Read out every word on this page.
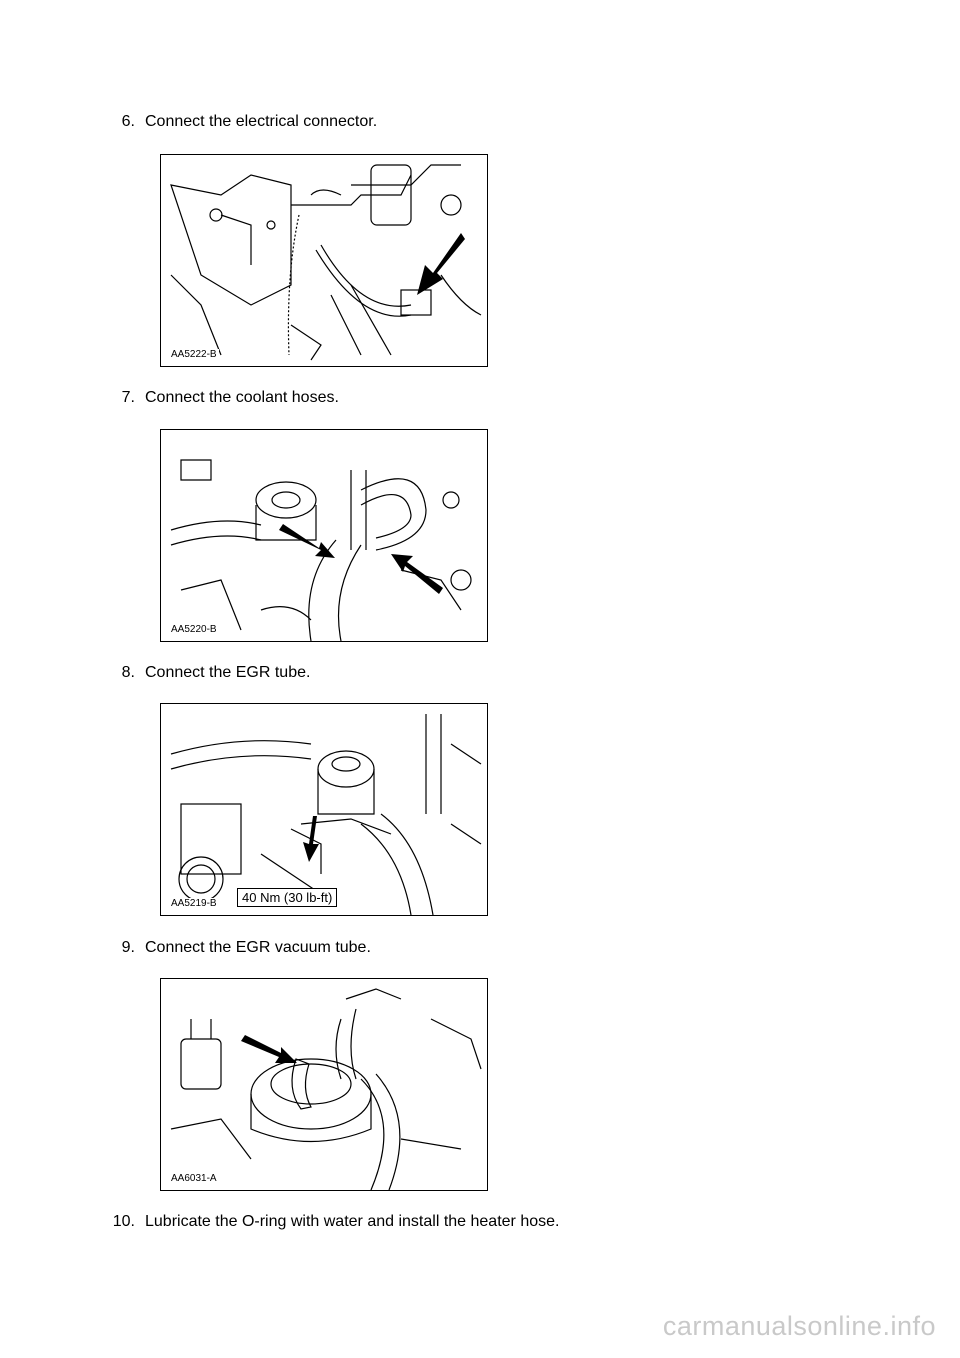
6. Connect the electrical connector.
AA5222-B
7. Connect the coolant hoses.
AA5220-B
8. Connect the EGR tube.
AA5219-B	40 Nm (30 lb-ft)
9. Connect the EGR vacuum tube.
AA6031-A
10. Lubricate the O-ring with water and install the heater hose.
carmanualsonline.info
